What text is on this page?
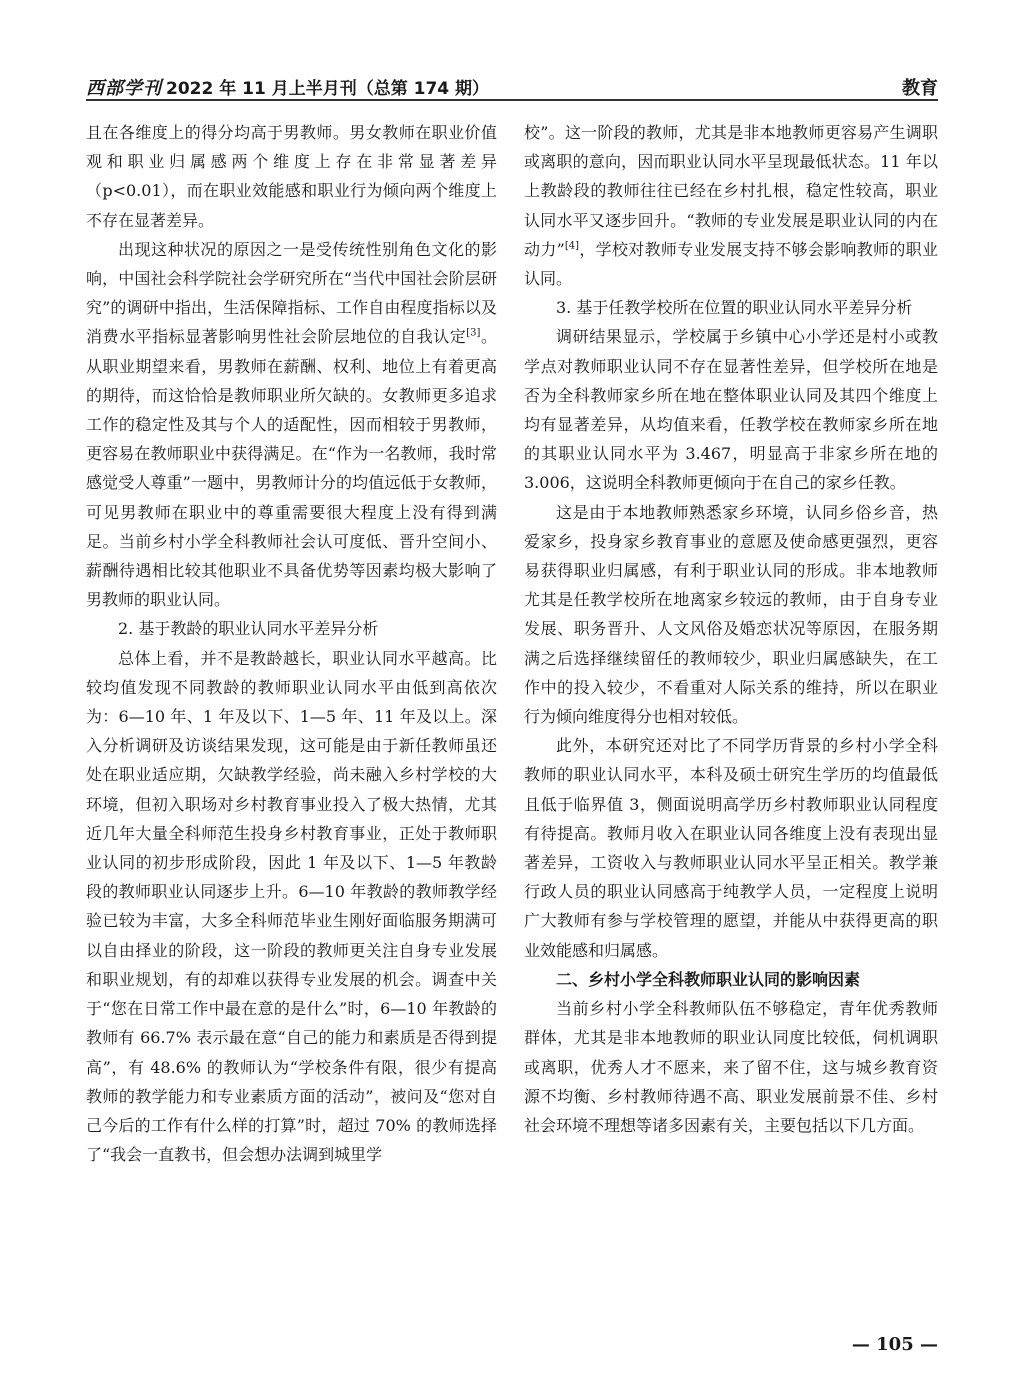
西部学刊 2022 年 11 月上半月刊（总第 174 期）	教育

且在各维度上的得分均高于男教师。男女教师在职业价值观和职业归属感两个维度上存在非常显著差异（p<0.01），而在职业效能感和职业行为倾向两个维度上不存在显著差异。

出现这种状况的原因之一是受传统性别角色文化的影响，中国社会科学院社会学研究所在“当代中国社会阶层研究”的调研中指出，生活保障指标、工作自由程度指标以及消费水平指标显著影响男性社会阶层地位的自我认定[3]。从职业期望来看，男教师在薪酬、权利、地位上有着更高的期待，而这恰恰是教师职业所欠缺的。女教师更多追求工作的稳定性及其与个人的适配性，因而相较于男教师，更容易在教师职业中获得满足。在“作为一名教师，我时常感觉受人尊重”一题中，男教师计分的均值远低于女教师，可见男教师在职业中的尊重需要很大程度上没有得到满足。当前乡村小学全科教师社会认可度低、晋升空间小、薪酬待遇相比较其他职业不具备优势等因素均极大影响了男教师的职业认同。

2. 基于教龄的职业认同水平差异分析

总体上看，并不是教龄越长，职业认同水平越高。比较均值发现不同教龄的教师职业认同水平由低到高依次为：6—10 年、1 年及以下、1—5 年、11 年及以上。深入分析调研及访谈结果发现，这可能是由于新任教师虽还处在职业适应期，欠缺教学经验，尚未融入乡村学校的大环境，但初入职场对乡村教育事业投入了极大热情，尤其近几年大量全科师范生投身乡村教育事业，正处于教师职业认同的初步形成阶段，因此 1 年及以下、1—5 年教龄段的教师职业认同逐步上升。6—10 年教龄的教师教学经验已较为丰富，大多全科师范毕业生刚好面临服务期满可以自由择业的阶段，这一阶段的教师更关注自身专业发展和职业规划，有的却难以获得专业发展的机会。调查中关于“您在日常工作中最在意的是什么”时，6—10 年教龄的教师有 66.7% 表示最在意“自己的能力和素质是否得到提高”，有 48.6% 的教师认为“学校条件有限，很少有提高教师的教学能力和专业素质方面的活动”，被问及“您对自己今后的工作有什么样的打算”时，超过 70% 的教师选择了“我会一直教书，但会想办法调到城里学

校”。这一阶段的教师，尤其是非本地教师更容易产生调职或离职的意向，因而职业认同水平呈现最低状态。11 年以上教龄段的教师往往已经在乡村扎根，稳定性较高，职业认同水平又逐步回升。“教师的专业发展是职业认同的内在动力”[4]，学校对教师专业发展支持不够会影响教师的职业认同。

3. 基于任教学校所在位置的职业认同水平差异分析

调研结果显示，学校属于乡镇中心小学还是村小或教学点对教师职业认同不存在显著性差异，但学校所在地是否为全科教师家乡所在地在整体职业认同及其四个维度上均有显著差异，从均值来看，任教学校在教师家乡所在地的其职业认同水平为 3.467，明显高于非家乡所在地的 3.006，这说明全科教师更倾向于在自己的家乡任教。

这是由于本地教师熟悉家乡环境，认同乡俗乡音，热爱家乡，投身家乡教育事业的意愿及使命感更强烈，更容易获得职业归属感，有利于职业认同的形成。非本地教师尤其是任教学校所在地离家乡较远的教师，由于自身专业发展、职务晋升、人文风俗及婚恋状况等原因，在服务期满之后选择继续留任的教师较少，职业归属感缺失，在工作中的投入较少，不看重对人际关系的维持，所以在职业行为倾向维度得分也相对较低。

此外，本研究还对比了不同学历背景的乡村小学全科教师的职业认同水平，本科及硕士研究生学历的均值最低且低于临界值 3，侧面说明高学历乡村教师职业认同程度有待提高。教师月收入在职业认同各维度上没有表现出显著差异，工资收入与教师职业认同水平呈正相关。教学兼行政人员的职业认同感高于纯教学人员，一定程度上说明广大教师有参与学校管理的愿望，并能从中获得更高的职业效能感和归属感。

二、乡村小学全科教师职业认同的影响因素

当前乡村小学全科教师队伍不够稳定，青年优秀教师群体，尤其是非本地教师的职业认同度比较低，伺机调职或离职，优秀人才不愿来，来了留不住，这与城乡教育资源不均衡、乡村教师待遇不高、职业发展前景不佳、乡村社会环境不理想等诸多因素有关，主要包括以下几方面。

— 105 —
